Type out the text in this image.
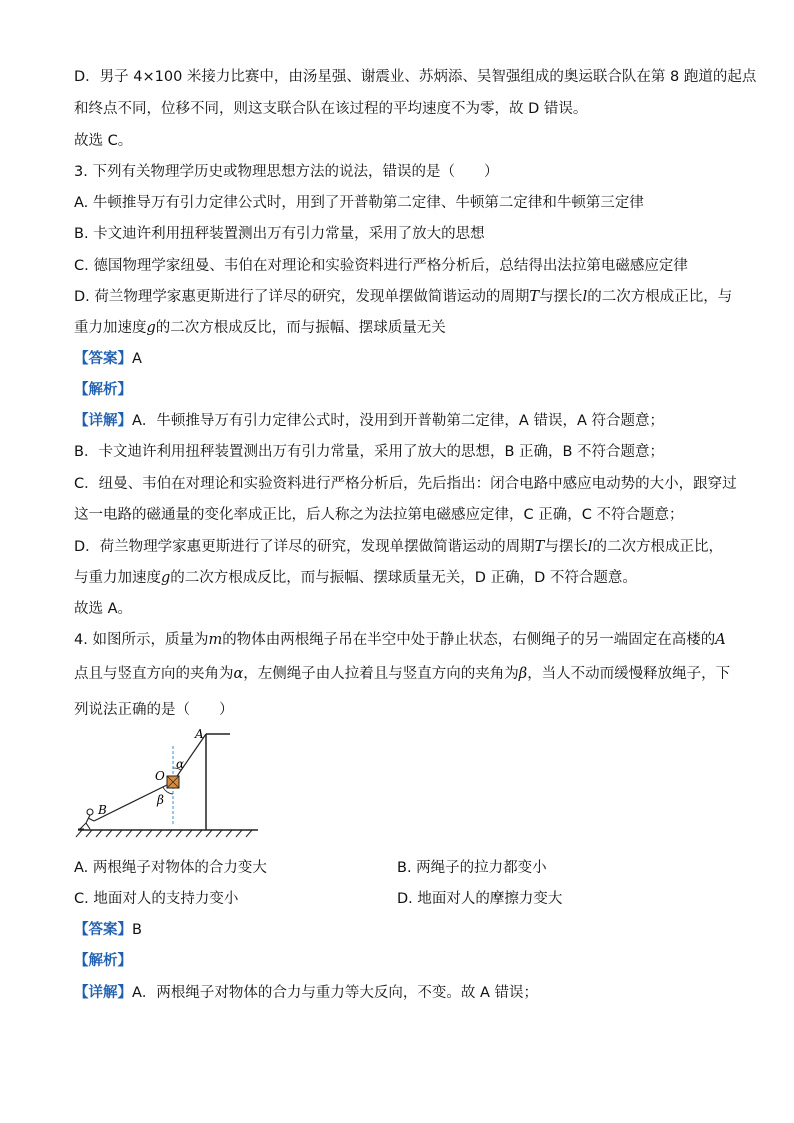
D．男子 4×100 米接力比赛中，由汤星强、谢震业、苏炳添、吴智强组成的奥运联合队在第 8 跑道的起点
和终点不同，位移不同，则这支联合队在该过程的平均速度不为零，故 D 错误。
故选 C。
3. 下列有关物理学历史或物理思想方法的说法，错误的是（　　）
A. 牛顿推导万有引力定律公式时，用到了开普勒第二定律、牛顿第二定律和牛顿第三定律
B. 卡文迪许利用扭秤装置测出万有引力常量，采用了放大的思想
C. 德国物理学家纽曼、韦伯在对理论和实验资料进行严格分析后，总结得出法拉第电磁感应定律
D. 荷兰物理学家惠更斯进行了详尽的研究，发现单摆做简谐运动的周期T与摆长l的二次方根成正比，与
重力加速度g的二次方根成反比，而与振幅、摆球质量无关
【答案】A
【解析】
【详解】A．牛顿推导万有引力定律公式时，没用到开普勒第二定律，A 错误，A 符合题意；
B．卡文迪许利用扭秤装置测出万有引力常量，采用了放大的思想，B 正确，B 不符合题意；
C．纽曼、韦伯在对理论和实验资料进行严格分析后，先后指出：闭合电路中感应电动势的大小，跟穿过
这一电路的磁通量的变化率成正比，后人称之为法拉第电磁感应定律，C 正确，C 不符合题意；
D．荷兰物理学家惠更斯进行了详尽的研究，发现单摆做简谐运动的周期T与摆长l的二次方根成正比，
与重力加速度g的二次方根成反比，而与振幅、摆球质量无关，D 正确，D 不符合题意。
故选 A。
4. 如图所示，质量为m的物体由两根绳子吊在半空中处于静止状态，右侧绳子的另一端固定在高楼的A
点且与竖直方向的夹角为α，左侧绳子由人拉着且与竖直方向的夹角为β，当人不动而缓慢释放绳子，下
列说法正确的是（　　）
A
O
B
α
β
A. 两根绳子对物体的合力变大	B. 两绳子的拉力都变小
C. 地面对人的支持力变小	D. 地面对人的摩擦力变大
【答案】B
【解析】
【详解】A．两根绳子对物体的合力与重力等大反向，不变。故 A 错误；
